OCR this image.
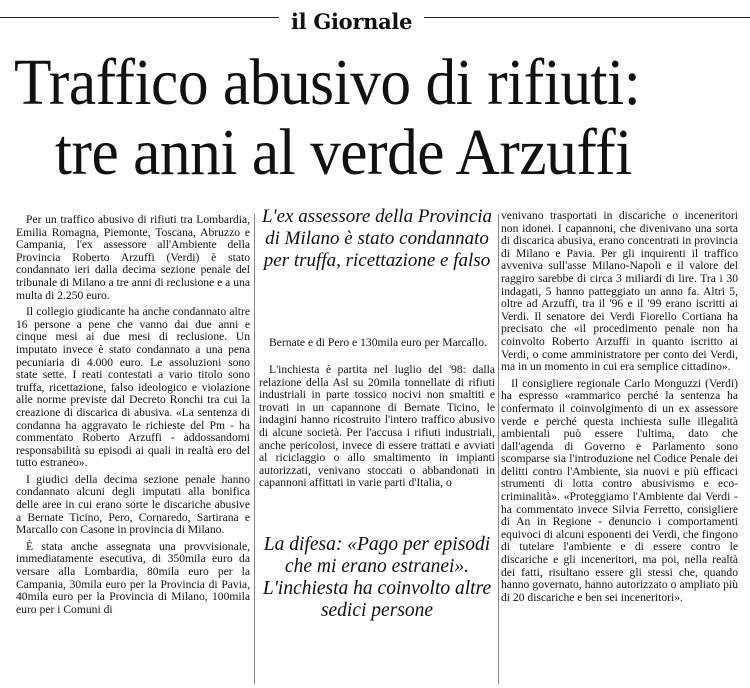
il Giornale
Traffico abusivo di rifiuti:
tre anni al verde Arzuffi

Per un traffico abusivo di rifiuti tra Lombardia, Emilia Romagna, Piemonte, Toscana, Abruzzo e Campania, l'ex assessore all'Ambiente della Provincia Roberto Arzuffi (Verdi) è stato condannato ieri dalla decima sezione penale del tribunale di Milano a tre anni di reclusione e a una multa di 2.250 euro.

Il collegio giudicante ha anche condannato altre 16 persone a pene che vanno dai due anni e cinque mesi ai due mesi di reclusione. Un imputato invece è stato condannato a una pena pecuniaria di 4.000 euro. Le assoluzioni sono state sette. I reati contestati a vario titolo sono truffa, ricettazione, falso ideologico e violazione alle norme previste dal Decreto Ronchi tra cui la creazione di discarica di abusiva. «La sentenza di condanna ha aggravato le richieste del Pm - ha commentato Roberto Arzuffi - addossandomi responsabilità su episodi ai quali in realtà ero del tutto estraneo».

I giudici della decima sezione penale hanno condannato alcuni degli imputati alla bonifica delle aree in cui erano sorte le discariche abusive a Bernate Ticino, Pero, Cornaredo, Sartirana e Marcallo con Casone in provincia di Milano.

È stata anche assegnata una provvisionale, immediatamente esecutiva, di 350mila euro da versare alla Lombardia, 80mila euro per la Campania, 30mila euro per la Provincia di Pavia, 40mila euro per la Provincia di Milano, 100mila euro per i Comuni di

L'ex assessore della Provincia di Milano è stato condannato per truffa, ricettazione e falso

Bernate e di Pero e 130mila euro per Marcallo.

L'inchiesta è partita nel luglio del '98: dalla relazione della Asl su 20mila tonnellate di rifiuti industriali in parte tossico nocivi non smaltiti e trovati in un capannone di Bernate Ticino, le indagini hanno ricostruito l'intero traffico abusivo di alcune società. Per l'accusa i rifiuti industriali, anche pericolosi, invece di essere trattati e avviati al riciclaggio o allo smaltimento in impianti autorizzati, venivano stoccati o abbandonati in capannoni affittati in varie parti d'Italia, o

La difesa: «Pago per episodi che mi erano estranei». L'inchiesta ha coinvolto altre sedici persone

venivano trasportati in discariche o inceneritori non idonei. I capannoni, che divenivano una sorta di discarica abusiva, erano concentrati in provincia di Milano e Pavia. Per gli inquirenti il traffico avveniva sull'asse Milano-Napoli e il valore del raggiro sarebbe di circa 3 miliardi di lire. Tra i 30 indagati, 5 hanno patteggiato un anno fa. Altri 5, oltre ad Arzuffi, tra il '96 e il '99 erano iscritti ai Verdi. Il senatore dei Verdi Fiorello Cortiana ha precisato che «il procedimento penale non ha coinvolto Roberto Arzuffi in quanto iscritto ai Verdi, o come amministratore per conto dei Verdi, ma in un momento in cui era semplice cittadino».

Il consigliere regionale Carlo Monguzzi (Verdi) ha espresso «rammarico perché la sentenza ha confermato il coinvolgimento di un ex assessore verde e perché questa inchiesta sulle illegalità ambientali può essere l'ultima, dato che dall'agenda di Governo e Parlamento sono scomparse sia l'introduzione nel Codice Penale dei delitti contro l'Ambiente, sia nuovi e più efficaci strumenti di lotta contro abusivismo e eco-criminalità». «Proteggiamo l'Ambiente dai Verdi - ha commentato invece Silvia Ferretto, consigliere di An in Regione - denuncio i comportamenti equivoci di alcuni esponenti dei Verdi, che fingono di tutelare l'ambiente e di essere contro le discariche e gli inceneritori, ma poi, nella realtà dei fatti, risultano essere gli stessi che, quando hanno governato, hanno autorizzato o ampliato più di 20 discariche e ben sei inceneritori».
